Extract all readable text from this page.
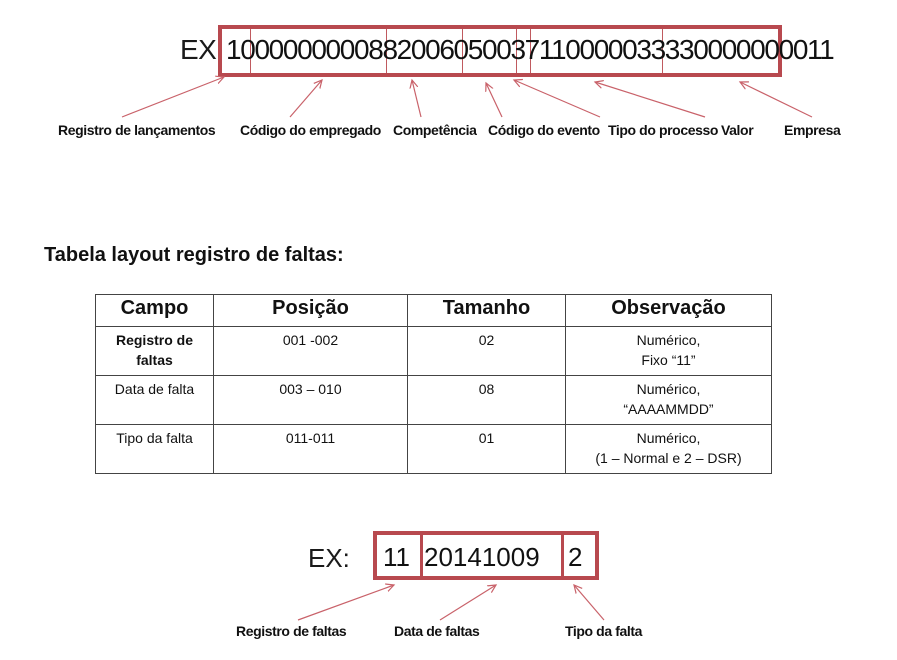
EX: 1000000000882006050037110000033330000000011
Registro de lançamentos Código do empregado Competência Código do evento Tipo do processo Valor Empresa
Tabela layout registro de faltas:
Campo	Posição	Tamanho	Observação

Registro de
faltas	001 -002	02	Numérico,
Fixo “11”

Data de falta	003 – 010	08	Numérico,
“AAAAMMDD”

Tipo da falta	011-011	01	Numérico,
(1 – Normal e 2 – DSR)
EX: 11 20141009 2
Registro de faltas	Data de faltas	Tipo da falta
